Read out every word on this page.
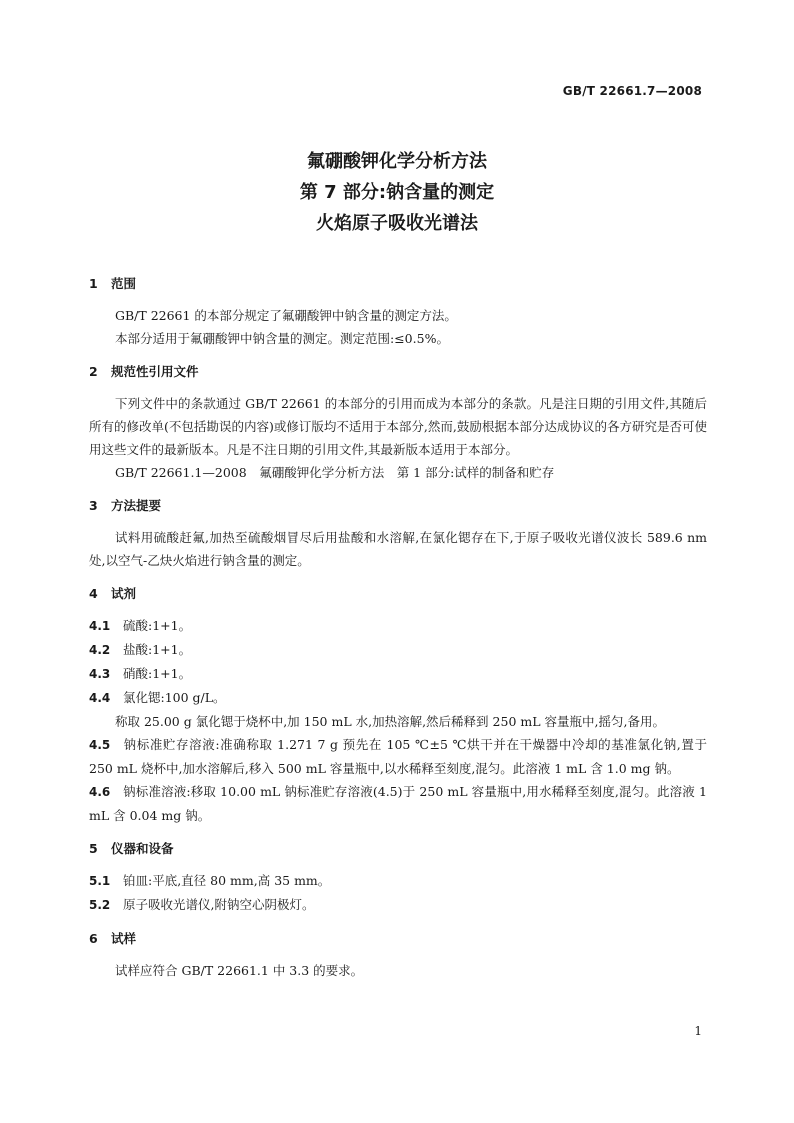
GB/T 22661.7—2008
氟硼酸钾化学分析方法
第 7 部分:钠含量的测定
火焰原子吸收光谱法
1 范围

GB/T 22661 的本部分规定了氟硼酸钾中钠含量的测定方法。

本部分适用于氟硼酸钾中钠含量的测定。测定范围:≤0.5%。

2 规范性引用文件

下列文件中的条款通过 GB/T 22661 的本部分的引用而成为本部分的条款。凡是注日期的引用文件,其随后所有的修改单(不包括勘误的内容)或修订版均不适用于本部分,然而,鼓励根据本部分达成协议的各方研究是否可使用这些文件的最新版本。凡是不注日期的引用文件,其最新版本适用于本部分。

GB/T 22661.1—2008　氟硼酸钾化学分析方法　第 1 部分:试样的制备和贮存

3 方法提要

试料用硫酸赶氟,加热至硫酸烟冒尽后用盐酸和水溶解,在氯化锶存在下,于原子吸收光谱仪波长 589.6 nm 处,以空气-乙炔火焰进行钠含量的测定。

4 试剂
4.1 硫酸:1+1。
4.2 盐酸:1+1。
4.3 硝酸:1+1。
4.4 氯化锶:100 g/L。

称取 25.00 g 氯化锶于烧杯中,加 150 mL 水,加热溶解,然后稀释到 250 mL 容量瓶中,摇匀,备用。

4.5 钠标准贮存溶液:准确称取 1.271 7 g 预先在 105 ℃±5 ℃烘干并在干燥器中冷却的基准氯化钠,置于 250 mL 烧杯中,加水溶解后,移入 500 mL 容量瓶中,以水稀释至刻度,混匀。此溶液 1 mL 含 1.0 mg 钠。

4.6 钠标准溶液:移取 10.00 mL 钠标准贮存溶液(4.5)于 250 mL 容量瓶中,用水稀释至刻度,混匀。此溶液 1 mL 含 0.04 mg 钠。

5 仪器和设备
5.1 铂皿:平底,直径 80 mm,高 35 mm。
5.2 原子吸收光谱仪,附钠空心阴极灯。
6 试样

试样应符合 GB/T 22661.1 中 3.3 的要求。

1
